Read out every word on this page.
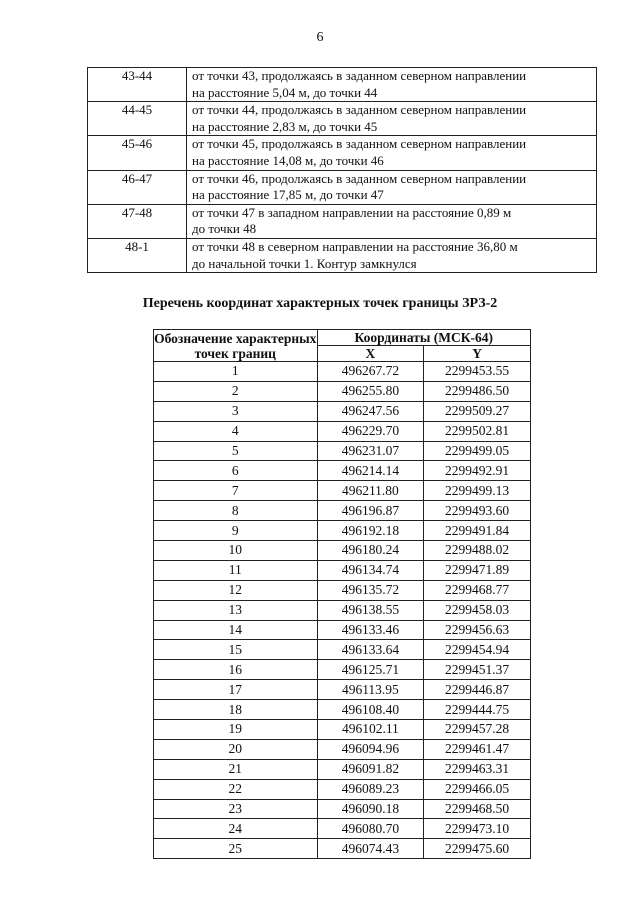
6
43-44	от точки 43, продолжаясь в заданном северном направлении
на расстояние 5,04 м, до точки 44

44-45	от точки 44, продолжаясь в заданном северном направлении
на расстояние 2,83 м, до точки 45

45-46	от точки 45, продолжаясь в заданном северном направлении
на расстояние 14,08 м, до точки 46

46-47	от точки 46, продолжаясь в заданном северном направлении
на расстояние 17,85 м, до точки 47

47-48	от точки 47 в западном направлении на расстояние 0,89 м
до точки 48

48-1	от точки 48 в северном направлении на расстояние 36,80 м
до начальной точки 1. Контур замкнулся
Перечень координат характерных точек границы ЗРЗ-2
Обозначение характерных точек границ	Координаты (МСК-64)	
	X	Y
1	496267.72	2299453.55
2	496255.80	2299486.50
3	496247.56	2299509.27
4	496229.70	2299502.81
5	496231.07	2299499.05
6	496214.14	2299492.91
7	496211.80	2299499.13
8	496196.87	2299493.60
9	496192.18	2299491.84
10	496180.24	2299488.02
11	496134.74	2299471.89
12	496135.72	2299468.77
13	496138.55	2299458.03
14	496133.46	2299456.63
15	496133.64	2299454.94
16	496125.71	2299451.37
17	496113.95	2299446.87
18	496108.40	2299444.75
19	496102.11	2299457.28
20	496094.96	2299461.47
21	496091.82	2299463.31
22	496089.23	2299466.05
23	496090.18	2299468.50
24	496080.70	2299473.10
25	496074.43	2299475.60
